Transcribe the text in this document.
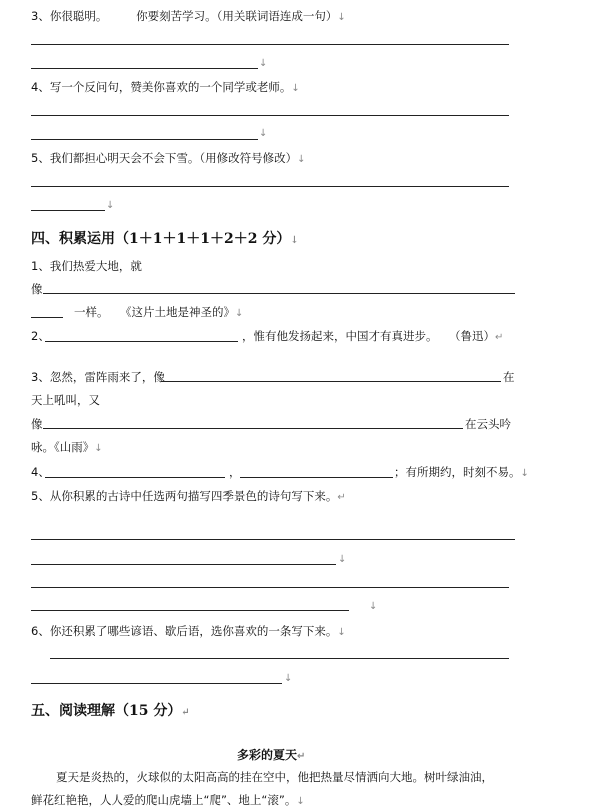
3、你很聪明。　　　你要刻苦学习。（用关联词语连成一句）↓
↓
4、写一个反问句，赞美你喜欢的一个同学或老师。↓
↓
5、我们都担心明天会不会下雪。（用修改符号修改）↓
↓
四、积累运用（1＋1＋1＋1＋2＋2 分）↓
1、我们热爱大地，就
像
一样。　　《这片土地是神圣的》↓
2、	，惟有他发扬起来，中国才有真进步。　　（鲁迅）↵
3、忽然，雷阵雨来了，像	在
天上吼叫，又
像	在云头吟
咏。《山雨》↓
4、	，	；有所期约，时刻不易。↓
5、从你积累的古诗中任选两句描写四季景色的诗句写下来。↵
↓
↓
6、你还积累了哪些谚语、歇后语，选你喜欢的一条写下来。↓
↓
五、阅读理解（15 分）↵
多彩的夏天↵
夏天是炎热的，火球似的太阳高高的挂在空中，他把热量尽情洒向大地。树叶绿油油，
鲜花红艳艳，人人爱的爬山虎墙上“爬”、地上“滚”。↓
